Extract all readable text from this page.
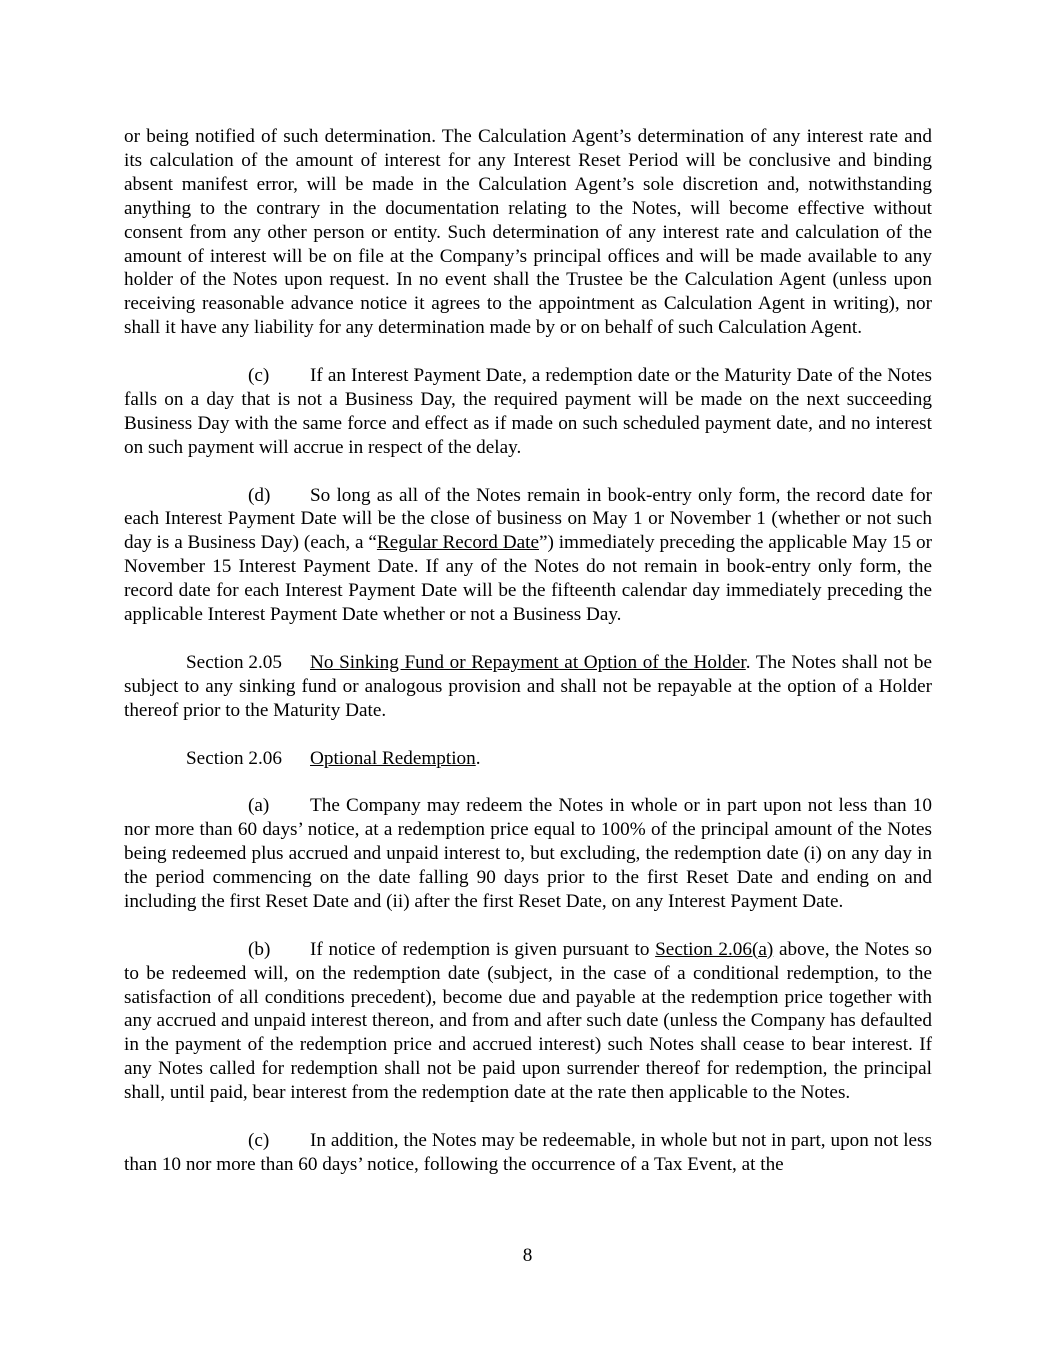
or being notified of such determination. The Calculation Agent’s determination of any interest rate and its calculation of the amount of interest for any Interest Reset Period will be conclusive and binding absent manifest error, will be made in the Calculation Agent’s sole discretion and, notwithstanding anything to the contrary in the documentation relating to the Notes, will become effective without consent from any other person or entity. Such determination of any interest rate and calculation of the amount of interest will be on file at the Company’s principal offices and will be made available to any holder of the Notes upon request. In no event shall the Trustee be the Calculation Agent (unless upon receiving reasonable advance notice it agrees to the appointment as Calculation Agent in writing), nor shall it have any liability for any determination made by or on behalf of such Calculation Agent.

(c) If an Interest Payment Date, a redemption date or the Maturity Date of the Notes falls on a day that is not a Business Day, the required payment will be made on the next succeeding Business Day with the same force and effect as if made on such scheduled payment date, and no interest on such payment will accrue in respect of the delay.

(d) So long as all of the Notes remain in book-entry only form, the record date for each Interest Payment Date will be the close of business on May 1 or November 1 (whether or not such day is a Business Day) (each, a “Regular Record Date”) immediately preceding the applicable May 15 or November 15 Interest Payment Date. If any of the Notes do not remain in book-entry only form, the record date for each Interest Payment Date will be the fifteenth calendar day immediately preceding the applicable Interest Payment Date whether or not a Business Day.

Section 2.05 No Sinking Fund or Repayment at Option of the Holder. The Notes shall not be subject to any sinking fund or analogous provision and shall not be repayable at the option of a Holder thereof prior to the Maturity Date.

Section 2.06 Optional Redemption.

(a) The Company may redeem the Notes in whole or in part upon not less than 10 nor more than 60 days’ notice, at a redemption price equal to 100% of the principal amount of the Notes being redeemed plus accrued and unpaid interest to, but excluding, the redemption date (i) on any day in the period commencing on the date falling 90 days prior to the first Reset Date and ending on and including the first Reset Date and (ii) after the first Reset Date, on any Interest Payment Date.

(b) If notice of redemption is given pursuant to Section 2.06(a) above, the Notes so to be redeemed will, on the redemption date (subject, in the case of a conditional redemption, to the satisfaction of all conditions precedent), become due and payable at the redemption price together with any accrued and unpaid interest thereon, and from and after such date (unless the Company has defaulted in the payment of the redemption price and accrued interest) such Notes shall cease to bear interest. If any Notes called for redemption shall not be paid upon surrender thereof for redemption, the principal shall, until paid, bear interest from the redemption date at the rate then applicable to the Notes.

(c) In addition, the Notes may be redeemable, in whole but not in part, upon not less than 10 nor more than 60 days’ notice, following the occurrence of a Tax Event, at the

8
